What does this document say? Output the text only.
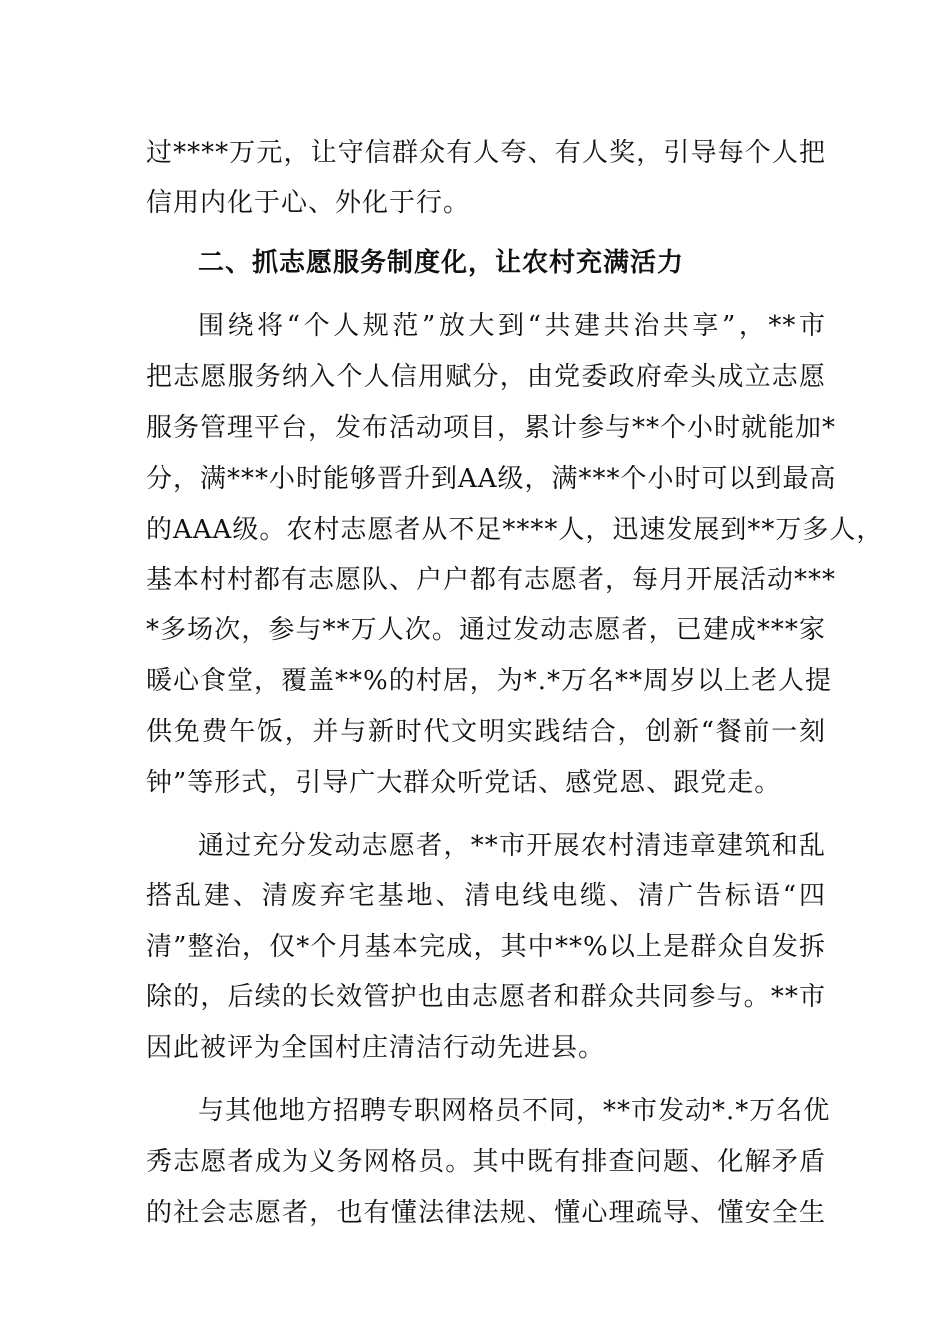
过****万元，让守信群众有人夸、有人奖，引导每个人把
信用内化于心、外化于行。
二、抓志愿服务制度化，让农村充满活力
围绕将“个人规范”放大到“共建共治共享”，**市
把志愿服务纳入个人信用赋分，由党委政府牵头成立志愿
服务管理平台，发布活动项目，累计参与**个小时就能加*
分，满***小时能够晋升到AA级，满***个小时可以到最高
的AAA级。农村志愿者从不足****人，迅速发展到**万多人，
基本村村都有志愿队、户户都有志愿者，每月开展活动***
*多场次，参与**万人次。通过发动志愿者，已建成***家
暖心食堂，覆盖**%的村居，为*.*万名**周岁以上老人提
供免费午饭，并与新时代文明实践结合，创新“餐前一刻
钟”等形式，引导广大群众听党话、感党恩、跟党走。
通过充分发动志愿者，**市开展农村清违章建筑和乱
搭乱建、清废弃宅基地、清电线电缆、清广告标语“四
清”整治，仅*个月基本完成，其中**%以上是群众自发拆
除的，后续的长效管护也由志愿者和群众共同参与。**市
因此被评为全国村庄清洁行动先进县。
与其他地方招聘专职网格员不同，**市发动*.*万名优
秀志愿者成为义务网格员。其中既有排查问题、化解矛盾
的社会志愿者，也有懂法律法规、懂心理疏导、懂安全生
